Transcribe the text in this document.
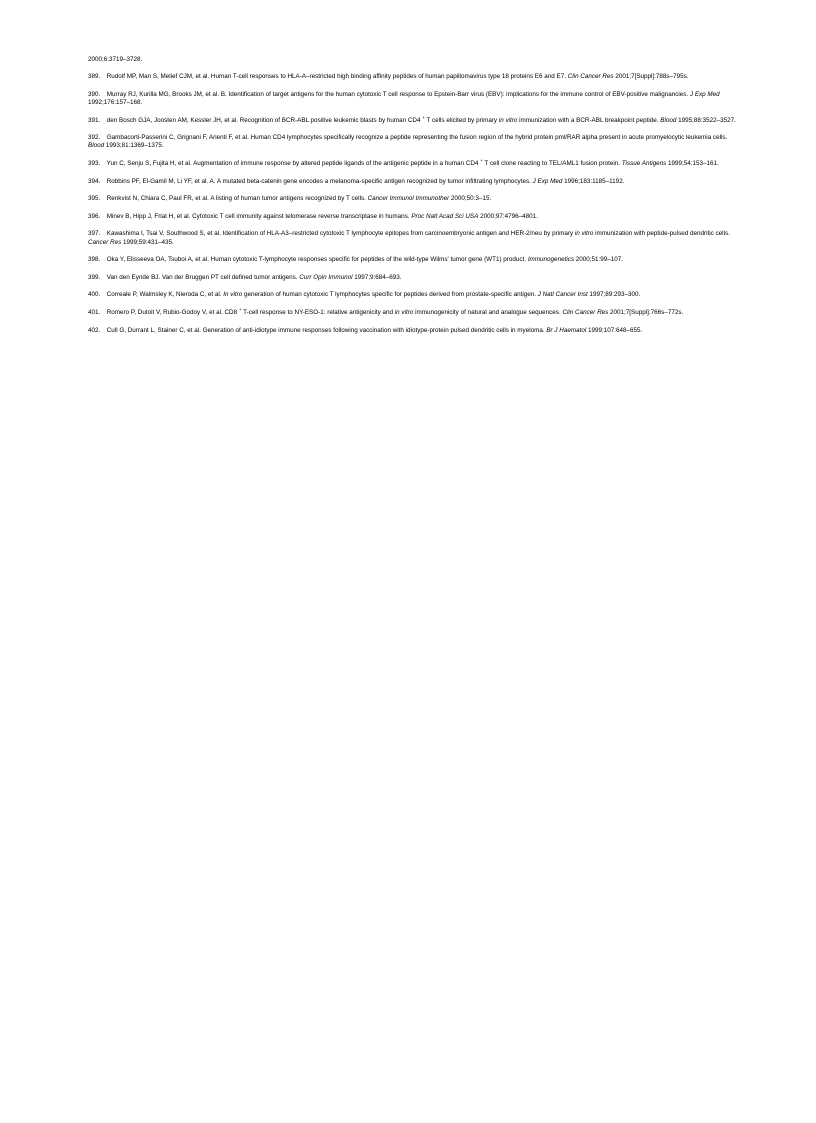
2000;6:3719–3728.

389. Rudolf MP, Man S, Melief CJM, et al. Human T-cell responses to HLA-A–restricted high binding affinity peptides of human papillomavirus type 18 proteins E6 and E7. Clin Cancer Res 2001;7[Suppl]:788s–795s.

390. Murray RJ, Kurilla MG, Brooks JM, et al. B. Identification of target antigens for the human cytotoxic T cell response to Epstein-Barr virus (EBV): implications for the immune control of EBV-positive malignancies. J Exp Med 1992;176:157–168.

391. den Bosch GJA, Joosten AM, Kessler JH, et al. Recognition of BCR-ABL positive leukemic blasts by human CD4 + T cells elicited by primary in vitro immunization with a BCR-ABL breakpoint peptide. Blood 1995;88:3522–3527.

392. Gambacorti-Passerini C, Grignani F, Arienti F, et al. Human CD4 lymphocytes specifically recognize a peptide representing the fusion region of the hybrid protein pml/RAR alpha present in acute promyelocytic leukemia cells. Blood 1993;81:1369–1375.

393. Yun C, Senju S, Fujita H, et al. Augmentation of immune response by altered peptide ligands of the antigenic peptide in a human CD4 + T cell clone reacting to TEL/AML1 fusion protein. Tissue Antigens 1999;54:153–161.

394. Robbins PF, El-Gamil M, Li YF, et al. A. A mutated beta-catenin gene encodes a melanoma-specific antigen recognized by tumor infiltrating lymphocytes. J Exp Med 1996;183:1185–1192.

395. Renkvist N, Chiara C, Paul FR, et al. A listing of human tumor antigens recognized by T cells. Cancer Immunol Immunother 2000;50:3–15.

396. Minev B, Hipp J, Friat H, et al. Cytotoxic T cell immunity against telomerase reverse transcriptase in humans. Proc Natl Acad Sci USA 2000;97:4796–4801.

397. Kawashima I, Tsai V, Southwood S, et al. Identification of HLA-A3–restricted cytotoxic T lymphocyte epitopes from carcinoembryonic antigen and HER-2/neu by primary in vitro immunization with peptide-pulsed dendritic cells. Cancer Res 1999;59:431–435.

398. Oka Y, Elisseeva OA, Tsuboi A, et al. Human cytotoxic T-lymphocyte responses specific for peptides of the wild-type Wilms' tumor gene (WT1) product. Immunogenetics 2000;51:99–107.

399. Van den Eynde BJ. Van der Bruggen PT cell defined tumor antigens. Curr Opin Immunol 1997;9:684–693.

400. Correale P, Walmsley K, Nieroda C, et al. In vitro generation of human cytotoxic T lymphocytes specific for peptides derived from prostate-specific antigen. J Natl Cancer Inst 1997;89:293–300.

401. Romero P, Dutoit V, Rubio-Godoy V, et al. CD8 + T-cell response to NY-ESO-1: relative antigenicity and in vitro immunogenicity of natural and analogue sequences. Clin Cancer Res 2001;7[Suppl]:766s–772s.

402. Cull G, Durrant L, Stainer C, et al. Generation of anti-idiotype immune responses following vaccination with idiotype-protein pulsed dendritic cells in myeloma. Br J Haematol 1999;107:648–655.
